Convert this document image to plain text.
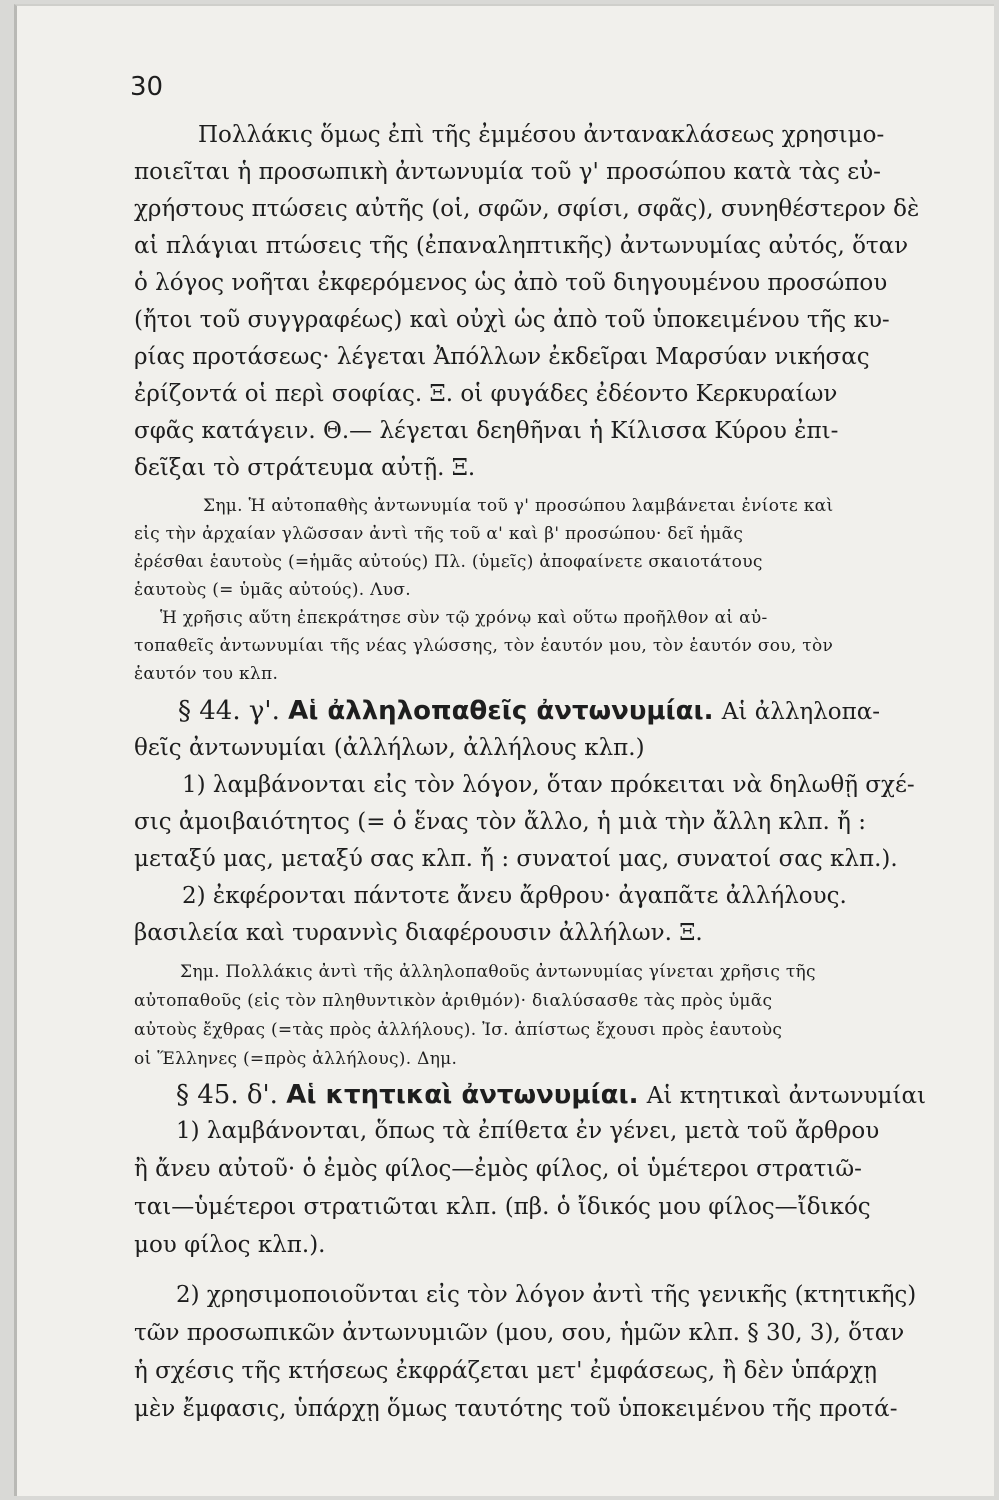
30
Πολλάκις ὅμως ἐπὶ τῆς ἐμμέσου ἀντανακλάσεως χρησιμο-
ποιεῖται ἡ προσωπικὴ ἀντωνυμία τοῦ γ' προσώπου κατὰ τὰς εὐ-
χρήστους πτώσεις αὐτῆς (οἱ, σφῶν, σφίσι, σφᾶς), συνηθέστερον δὲ
αἱ πλάγιαι πτώσεις τῆς (ἐπαναληπτικῆς) ἀντωνυμίας αὐτός, ὅταν
ὁ λόγος νοῆται ἐκφερόμενος ὡς ἀπὸ τοῦ διηγουμένου προσώπου
(ἤτοι τοῦ συγγραφέως) καὶ οὐχὶ ὡς ἀπὸ τοῦ ὑποκειμένου τῆς κυ-
ρίας προτάσεως· λέγεται Ἀπόλλων ἐκδεῖραι Μαρσύαν νικήσας
ἐρίζοντά οἱ περὶ σοφίας. Ξ. οἱ φυγάδες ἐδέοντο Κερκυραίων
σφᾶς κατάγειν. Θ.— λέγεται δεηθῆναι ἡ Κίλισσα Κύρου ἐπι-
δεῖξαι τὸ στράτευμα αὐτῇ. Ξ.
Σημ. Ἡ αὐτοπαθὴς ἀντωνυμία τοῦ γ' προσώπου λαμβάνεται ἐνίοτε καὶ
εἰς τὴν ἀρχαίαν γλῶσσαν ἀντὶ τῆς τοῦ α' καὶ β' προσώπου· δεῖ ἡμᾶς
ἐρέσθαι ἑαυτοὺς (=ἡμᾶς αὐτούς) Πλ. (ὑμεῖς) ἀποφαίνετε σκαιοτάτους
ἑαυτοὺς (= ὑμᾶς αὐτούς). Λυσ.
Ἡ χρῆσις αὕτη ἐπεκράτησε σὺν τῷ χρόνῳ καὶ οὕτω προῆλθον αἱ αὐ-
τοπαθεῖς ἀντωνυμίαι τῆς νέας γλώσσης, τὸν ἑαυτόν μου, τὸν ἑαυτόν σου, τὸν
ἑαυτόν του κλπ.
§ 44. γ'. Αἱ ἀλληλοπαθεῖς ἀντωνυμίαι. Αἱ ἀλληλοπα-
θεῖς ἀντωνυμίαι (ἀλλήλων, ἀλλήλους κλπ.)
1) λαμβάνονται εἰς τὸν λόγον, ὅταν πρόκειται νὰ δηλωθῇ σχέ-
σις ἀμοιβαιότητος (= ὁ ἕνας τὸν ἄλλο, ἡ μιὰ τὴν ἄλλη κλπ. ἤ :
μεταξύ μας, μεταξύ σας κλπ. ἤ : συνατοί μας, συνατοί σας κλπ.).
2) ἐκφέρονται πάντοτε ἄνευ ἄρθρου· ἀγαπᾶτε ἀλλήλους.
βασιλεία καὶ τυραννὶς διαφέρουσιν ἀλλήλων. Ξ.
Σημ. Πολλάκις ἀντὶ τῆς ἀλληλοπαθοῦς ἀντωνυμίας γίνεται χρῆσις τῆς
αὐτοπαθοῦς (εἰς τὸν πληθυντικὸν ἀριθμόν)· διαλύσασθε τὰς πρὸς ὑμᾶς
αὐτοὺς ἔχθρας (=τὰς πρὸς ἀλλήλους). Ἰσ. ἀπίστως ἔχουσι πρὸς ἑαυτοὺς
οἱ Ἕλληνες (=πρὸς ἀλλήλους). Δημ.
§ 45. δ'. Αἱ κτητικαὶ ἀντωνυμίαι. Αἱ κτητικαὶ ἀντωνυμίαι
1) λαμβάνονται, ὅπως τὰ ἐπίθετα ἐν γένει, μετὰ τοῦ ἄρθρου
ἢ ἄνευ αὐτοῦ· ὁ ἐμὸς φίλος—ἐμὸς φίλος, οἱ ὑμέτεροι στρατιῶ-
ται—ὑμέτεροι στρατιῶται κλπ. (πβ. ὁ ἴδικός μου φίλος—ἴδικός
μου φίλος κλπ.).
2) χρησιμοποιοῦνται εἰς τὸν λόγον ἀντὶ τῆς γενικῆς (κτητικῆς)
τῶν προσωπικῶν ἀντωνυμιῶν (μου, σου, ἡμῶν κλπ. § 30, 3), ὅταν
ἡ σχέσις τῆς κτήσεως ἐκφράζεται μετ' ἐμφάσεως, ἢ δὲν ὑπάρχῃ
μὲν ἔμφασις, ὑπάρχῃ ὅμως ταυτότης τοῦ ὑποκειμένου τῆς προτά-
